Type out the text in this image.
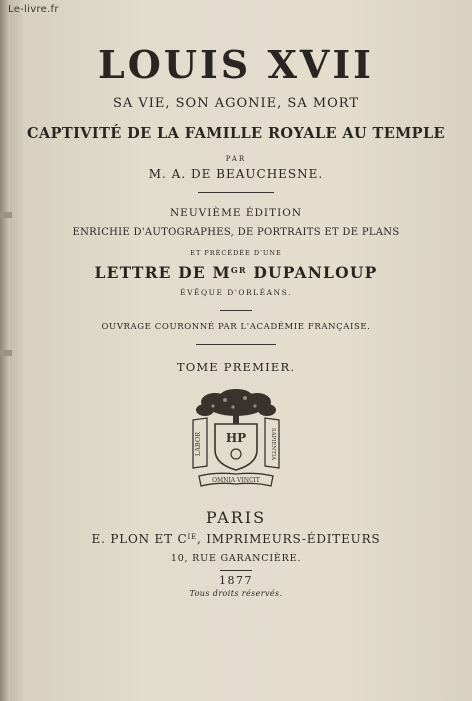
Le-livre.fr
LOUIS XVII
SA VIE, SON AGONIE, SA MORT
CAPTIVITÉ DE LA FAMILLE ROYALE AU TEMPLE
PAR
M. A. DE BEAUCHESNE.
NEUVIÈME ÉDITION
ENRICHIE D'AUTOGRAPHES, DE PORTRAITS ET DE PLANS
ET PRÉCÉDÉE D'UNE
LETTRE DE $M^{GR}$ DUPANLOUP
ÉVÊQUE D'ORLÉANS.
OUVRAGE COURONNÉ PAR L'ACADÉMIE FRANÇAISE.
TOME PREMIER.
LABOR	SAPIENTIA
HP
OMNIA VINCIT
PARIS
E. PLON ET $C^{IE}$, IMPRIMEURS-ÉDITEURS
10, RUE GARANCIÈRE.
1877
Tous droits réservés.
